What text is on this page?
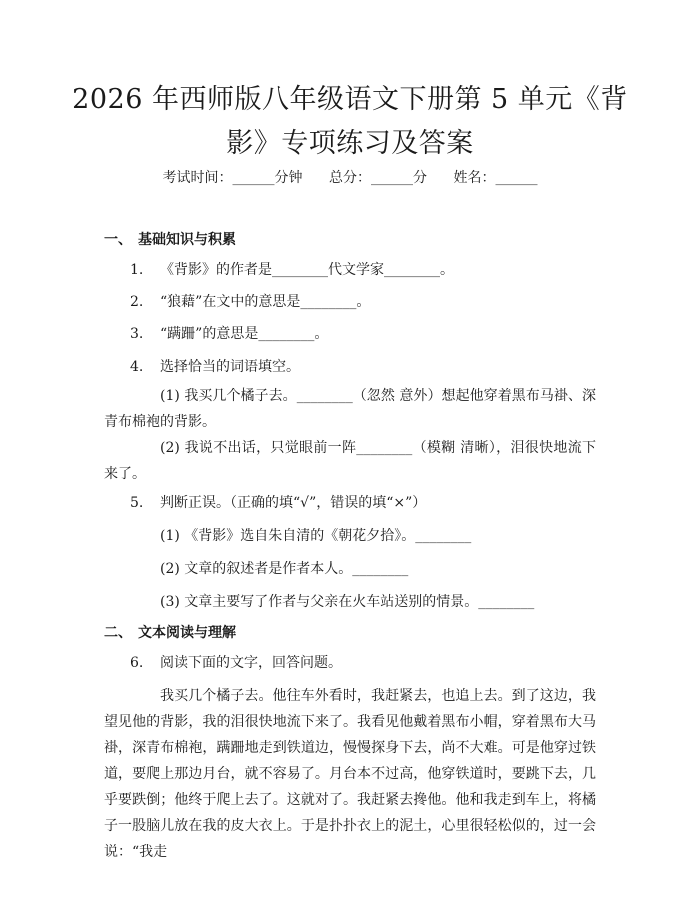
2026 年西师版八年级语文下册第 5 单元《背
影》专项练习及答案
考试时间：______分钟 总分：______分 姓名：______
一、 基础知识与积累
1. 《背影》的作者是________代文学家________。
2. “狼藉”在文中的意思是________。
3. “蹒跚”的意思是________。
4. 选择恰当的词语填空。
(1) 我买几个橘子去。________（忽然 意外）想起他穿着黑布马褂、深青布棉袍的背影。
(2) 我说不出话，只觉眼前一阵________（模糊 清晰），泪很快地流下来了。
5. 判断正误。（正确的填“√”，错误的填“×”）
(1) 《背影》选自朱自清的《朝花夕拾》。________
(2) 文章的叙述者是作者本人。________
(3) 文章主要写了作者与父亲在火车站送别的情景。________
二、 文本阅读与理解
6. 阅读下面的文字，回答问题。
我买几个橘子去。他往车外看时，我赶紧去，也追上去。到了这边，我望见他的背影，我的泪很快地流下来了。我看见他戴着黑布小帽，穿着黑布大马褂，深青布棉袍，蹒跚地走到铁道边，慢慢探身下去，尚不大难。可是他穿过铁道，要爬上那边月台，就不容易了。月台本不过高，他穿铁道时，要跳下去，几乎要跌倒；他终于爬上去了。这就对了。我赶紧去搀他。他和我走到车上，将橘子一股脑儿放在我的皮大衣上。于是扑扑衣上的泥土，心里很轻松似的，过一会说：“我走
